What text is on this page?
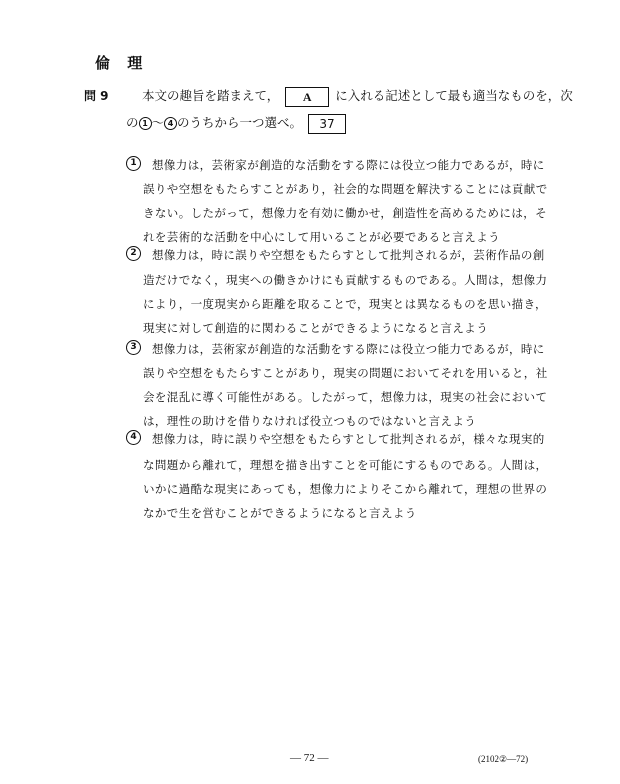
倫 理
問 9	本文の趣旨を踏まえて， A に入れる記述として最も適当なものを，次
の 1 ～ 4 のうちから一つ選べ。 37
1	想像力は，芸術家が創造的な活動をする際には役立つ能力であるが，時に
誤りや空想をもたらすことがあり，社会的な問題を解決することには貢献で
きない。したがって，想像力を有効に働かせ，創造性を高めるためには，そ
れを芸術的な活動を中心にして用いることが必要であると言えよう
2	想像力は，時に誤りや空想をもたらすとして批判されるが，芸術作品の創
造だけでなく，現実への働きかけにも貢献するものである。人間は，想像力
により，一度現実から距離を取ることで，現実とは異なるものを思い描き，
現実に対して創造的に関わることができるようになると言えよう
3	想像力は，芸術家が創造的な活動をする際には役立つ能力であるが，時に
誤りや空想をもたらすことがあり，現実の問題においてそれを用いると，社
会を混乱に導く可能性がある。したがって，想像力は，現実の社会において
は，理性の助けを借りなければ役立つものではないと言えよう
4	想像力は，時に誤りや空想をもたらすとして批判されるが，様々な現実的
な問題から離れて，理想を描き出すことを可能にするものである。人間は，
いかに過酷な現実にあっても，想像力によりそこから離れて，理想の世界の
なかで生を営むことができるようになると言えよう
— 72 —	(2102②—72)
